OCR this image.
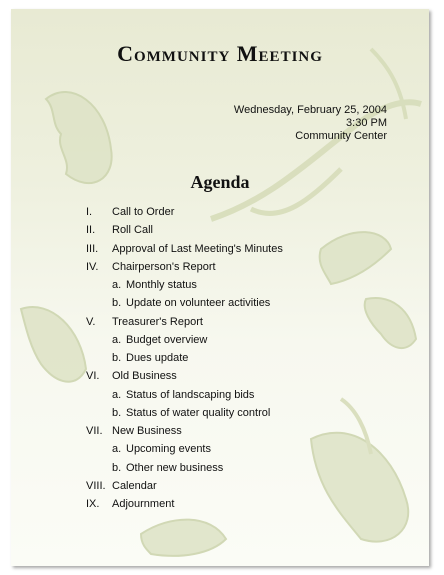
Community Meeting
Wednesday, February 25, 2004
3:30 PM
Community Center
Agenda
I.	Call to Order
II.	Roll Call
III.	Approval of Last Meeting's Minutes
IV.	Chairperson's Report
a. Monthly status
b. Update on volunteer activities
V.	Treasurer's Report
a. Budget overview
b. Dues update
VI.	Old Business
a. Status of landscaping bids
b. Status of water quality control
VII. New Business
a. Upcoming events
b. Other new business
VIII. Calendar
IX.	Adjournment
